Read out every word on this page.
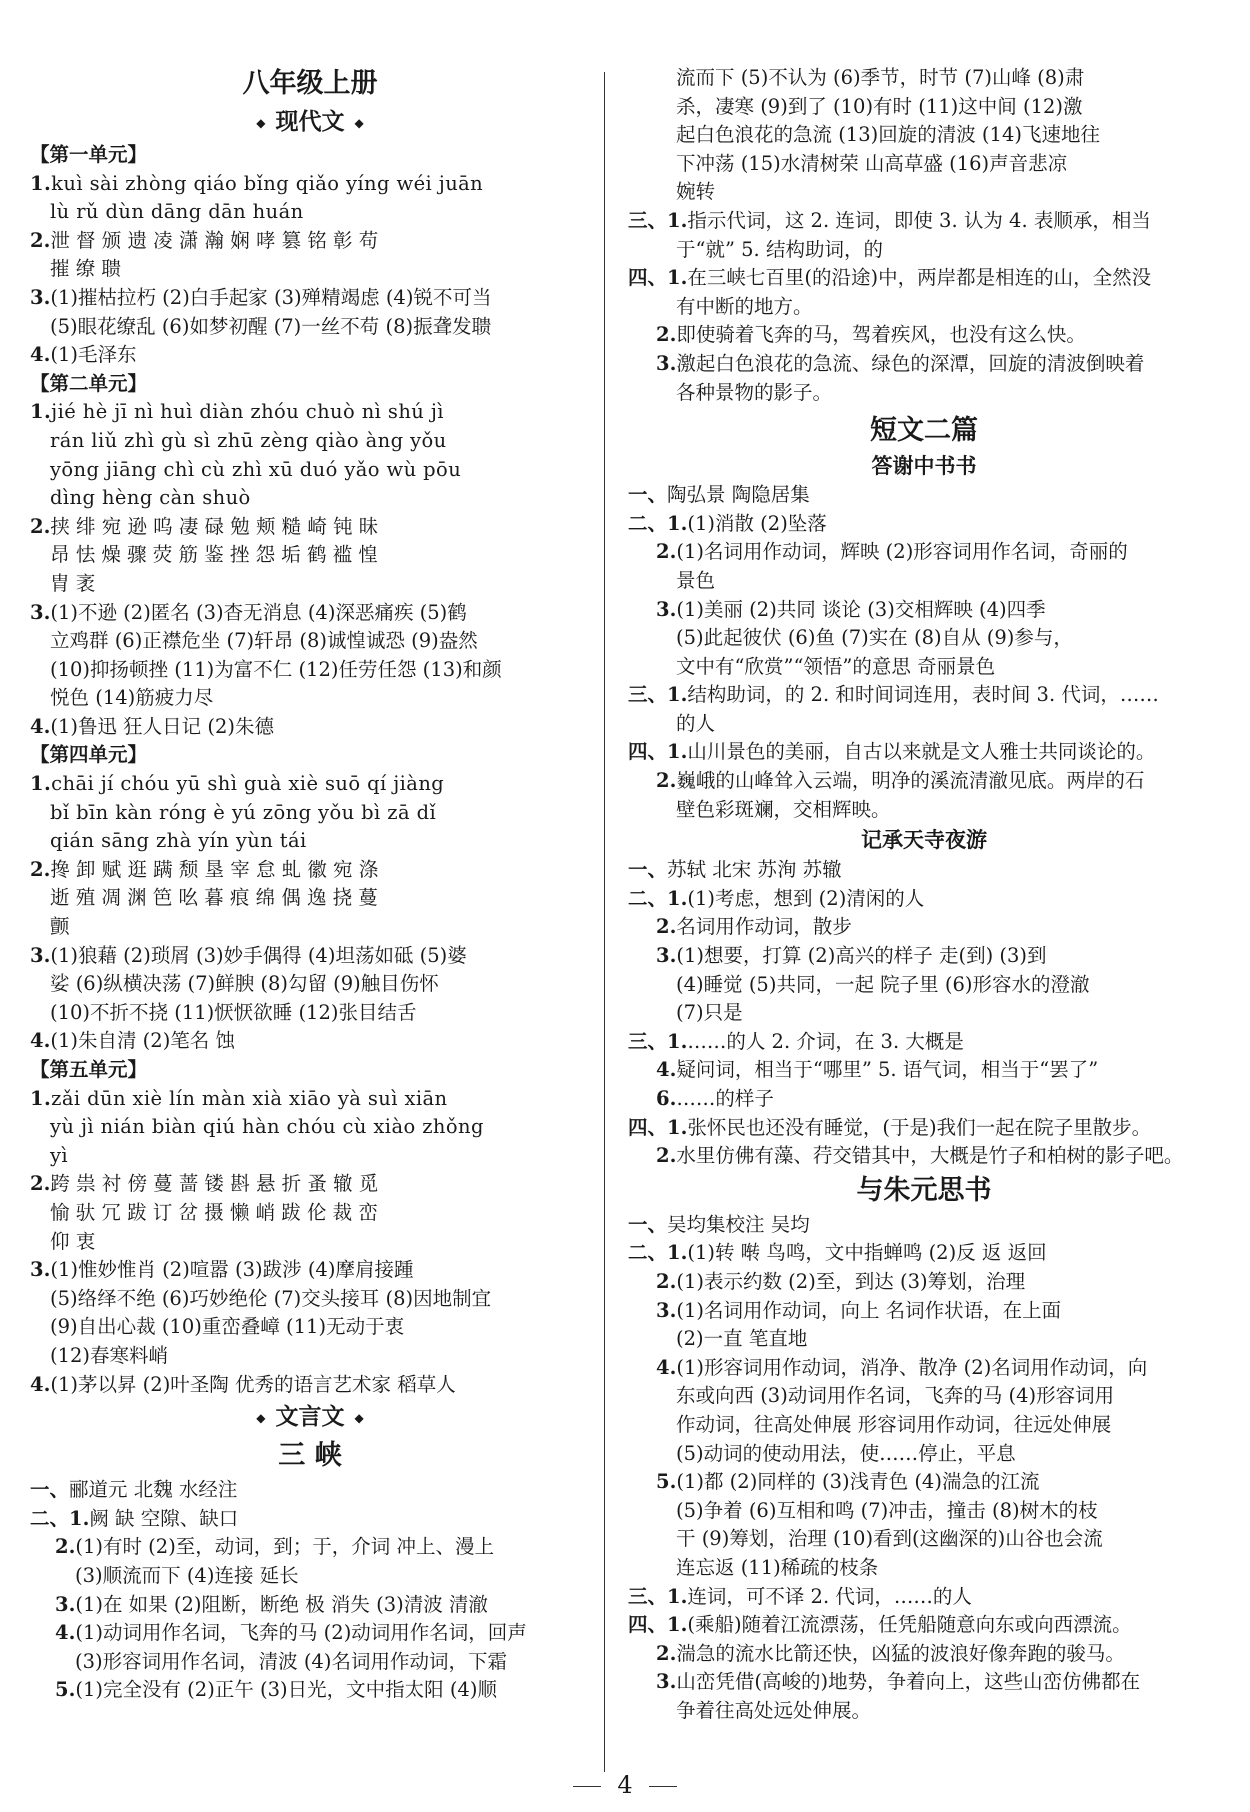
八年级上册
◆ 现代文 ◆
【第一单元】
1.kuì sài zhòng qiáo bǐng qiǎo yíng wéi juān
lù rǔ dùn dāng dān huán
2.泄 督 颁 遗 凌 潇 瀚 娴 哮 篡 铭 彰 苟
摧 缭 聩
3.(1)摧枯拉朽 (2)白手起家 (3)殚精竭虑 (4)锐不可当
(5)眼花缭乱 (6)如梦初醒 (7)一丝不苟 (8)振聋发聩
4.(1)毛泽东
【第二单元】
1.jié hè jī nì huì diàn zhóu chuò nì shú jì
rán liǔ zhì gù sì zhū zèng qiào àng yǒu
yōng jiāng chì cù zhì xū duó yǎo wù pōu
dìng hèng càn shuò
2.挟 绯 宛 逊 呜 凄 碌 勉 颊 糙 崎 钝 昧
昂 怯 燥 骤 荧 筋 鉴 挫 怨 垢 鹤 褴 惶
胄 袤
3.(1)不逊 (2)匿名 (3)杳无消息 (4)深恶痛疾 (5)鹤
立鸡群 (6)正襟危坐 (7)轩昂 (8)诚惶诚恐 (9)盎然
(10)抑扬顿挫 (11)为富不仁 (12)任劳任怨 (13)和颜
悦色 (14)筋疲力尽
4.(1)鲁迅 狂人日记 (2)朱德
【第四单元】
1.chāi jí chóu yū shì guà xiè suō qí jiàng
bǐ bīn kàn róng è yú zōng yǒu bì zā dǐ
qián sāng zhà yín yùn tái
2.搀 卸 赋 逛 蹒 颓 垦 宰 怠 虬 徽 宛 涤
逝 殖 凋 渊 笆 吆 暮 痕 绵 偶 逸 挠 蔓
颤
3.(1)狼藉 (2)琐屑 (3)妙手偶得 (4)坦荡如砥 (5)婆
娑 (6)纵横决荡 (7)鲜腴 (8)勾留 (9)触目伤怀
(10)不折不挠 (11)恹恹欲睡 (12)张目结舌
4.(1)朱自清 (2)笔名 蚀
【第五单元】
1.zǎi dūn xiè lín màn xià xiāo yà suì xiān
yù jì nián biàn qiú hàn chóu cù xiào zhǒng
yì
2.跨 祟 衬 傍 蔓 蔷 镂 斟 悬 折 蚤 辙 觅
愉 驮 冗 跋 订 岔 摄 懒 峭 跋 伦 裁 峦
仰 衷
3.(1)惟妙惟肖 (2)喧嚣 (3)跋涉 (4)摩肩接踵
(5)络绎不绝 (6)巧妙绝伦 (7)交头接耳 (8)因地制宜
(9)自出心裁 (10)重峦叠嶂 (11)无动于衷
(12)春寒料峭
4.(1)茅以昇 (2)叶圣陶 优秀的语言艺术家 稻草人
◆ 文言文 ◆
三 峡
一、郦道元 北魏 水经注
二、1.阙 缺 空隙、缺口
2.(1)有时 (2)至，动词，到；于，介词 冲上、漫上
(3)顺流而下 (4)连接 延长
3.(1)在 如果 (2)阻断，断绝 极 消失 (3)清波 清澈
4.(1)动词用作名词，飞奔的马 (2)动词用作名词，回声
(3)形容词用作名词，清波 (4)名词用作动词，下霜
5.(1)完全没有 (2)正午 (3)日光，文中指太阳 (4)顺
流而下 (5)不认为 (6)季节，时节 (7)山峰 (8)肃
杀，凄寒 (9)到了 (10)有时 (11)这中间 (12)激
起白色浪花的急流 (13)回旋的清波 (14)飞速地往
下冲荡 (15)水清树荣 山高草盛 (16)声音悲凉
婉转
三、1.指示代词，这 2. 连词，即使 3. 认为 4. 表顺承，相当
于“就” 5. 结构助词，的
四、1.在三峡七百里(的沿途)中，两岸都是相连的山，全然没
有中断的地方。
2.即使骑着飞奔的马，驾着疾风，也没有这么快。
3.激起白色浪花的急流、绿色的深潭，回旋的清波倒映着
各种景物的影子。
短文二篇
答谢中书书
一、陶弘景 陶隐居集
二、1.(1)消散 (2)坠落
2.(1)名词用作动词，辉映 (2)形容词用作名词，奇丽的
景色
3.(1)美丽 (2)共同 谈论 (3)交相辉映 (4)四季
(5)此起彼伏 (6)鱼 (7)实在 (8)自从 (9)参与，
文中有“欣赏”“领悟”的意思 奇丽景色
三、1.结构助词，的 2. 和时间词连用，表时间 3. 代词，……
的人
四、1.山川景色的美丽，自古以来就是文人雅士共同谈论的。
2.巍峨的山峰耸入云端，明净的溪流清澈见底。两岸的石
壁色彩斑斓，交相辉映。
记承天寺夜游
一、苏轼 北宋 苏洵 苏辙
二、1.(1)考虑，想到 (2)清闲的人
2.名词用作动词，散步
3.(1)想要，打算 (2)高兴的样子 走(到) (3)到
(4)睡觉 (5)共同，一起 院子里 (6)形容水的澄澈
(7)只是
三、1.……的人 2. 介词，在 3. 大概是
4.疑问词，相当于“哪里” 5. 语气词，相当于“罢了”
6.……的样子
四、1.张怀民也还没有睡觉，(于是)我们一起在院子里散步。
2.水里仿佛有藻、荇交错其中，大概是竹子和柏树的影子吧。
与朱元思书
一、吴均集校注 吴均
二、1.(1)转 啭 鸟鸣，文中指蝉鸣 (2)反 返 返回
2.(1)表示约数 (2)至，到达 (3)筹划，治理
3.(1)名词用作动词，向上 名词作状语，在上面
(2)一直 笔直地
4.(1)形容词用作动词，消净、散净 (2)名词用作动词，向
东或向西 (3)动词用作名词，飞奔的马 (4)形容词用
作动词，往高处伸展 形容词用作动词，往远处伸展
(5)动词的使动用法，使……停止，平息
5.(1)都 (2)同样的 (3)浅青色 (4)湍急的江流
(5)争着 (6)互相和鸣 (7)冲击，撞击 (8)树木的枝
干 (9)筹划，治理 (10)看到(这幽深的)山谷也会流
连忘返 (11)稀疏的枝条
三、1.连词，可不译 2. 代词，……的人
四、1.(乘船)随着江流漂荡，任凭船随意向东或向西漂流。
2.湍急的流水比箭还快，凶猛的波浪好像奔跑的骏马。
3.山峦凭借(高峻的)地势，争着向上，这些山峦仿佛都在
争着往高处远处伸展。
4
